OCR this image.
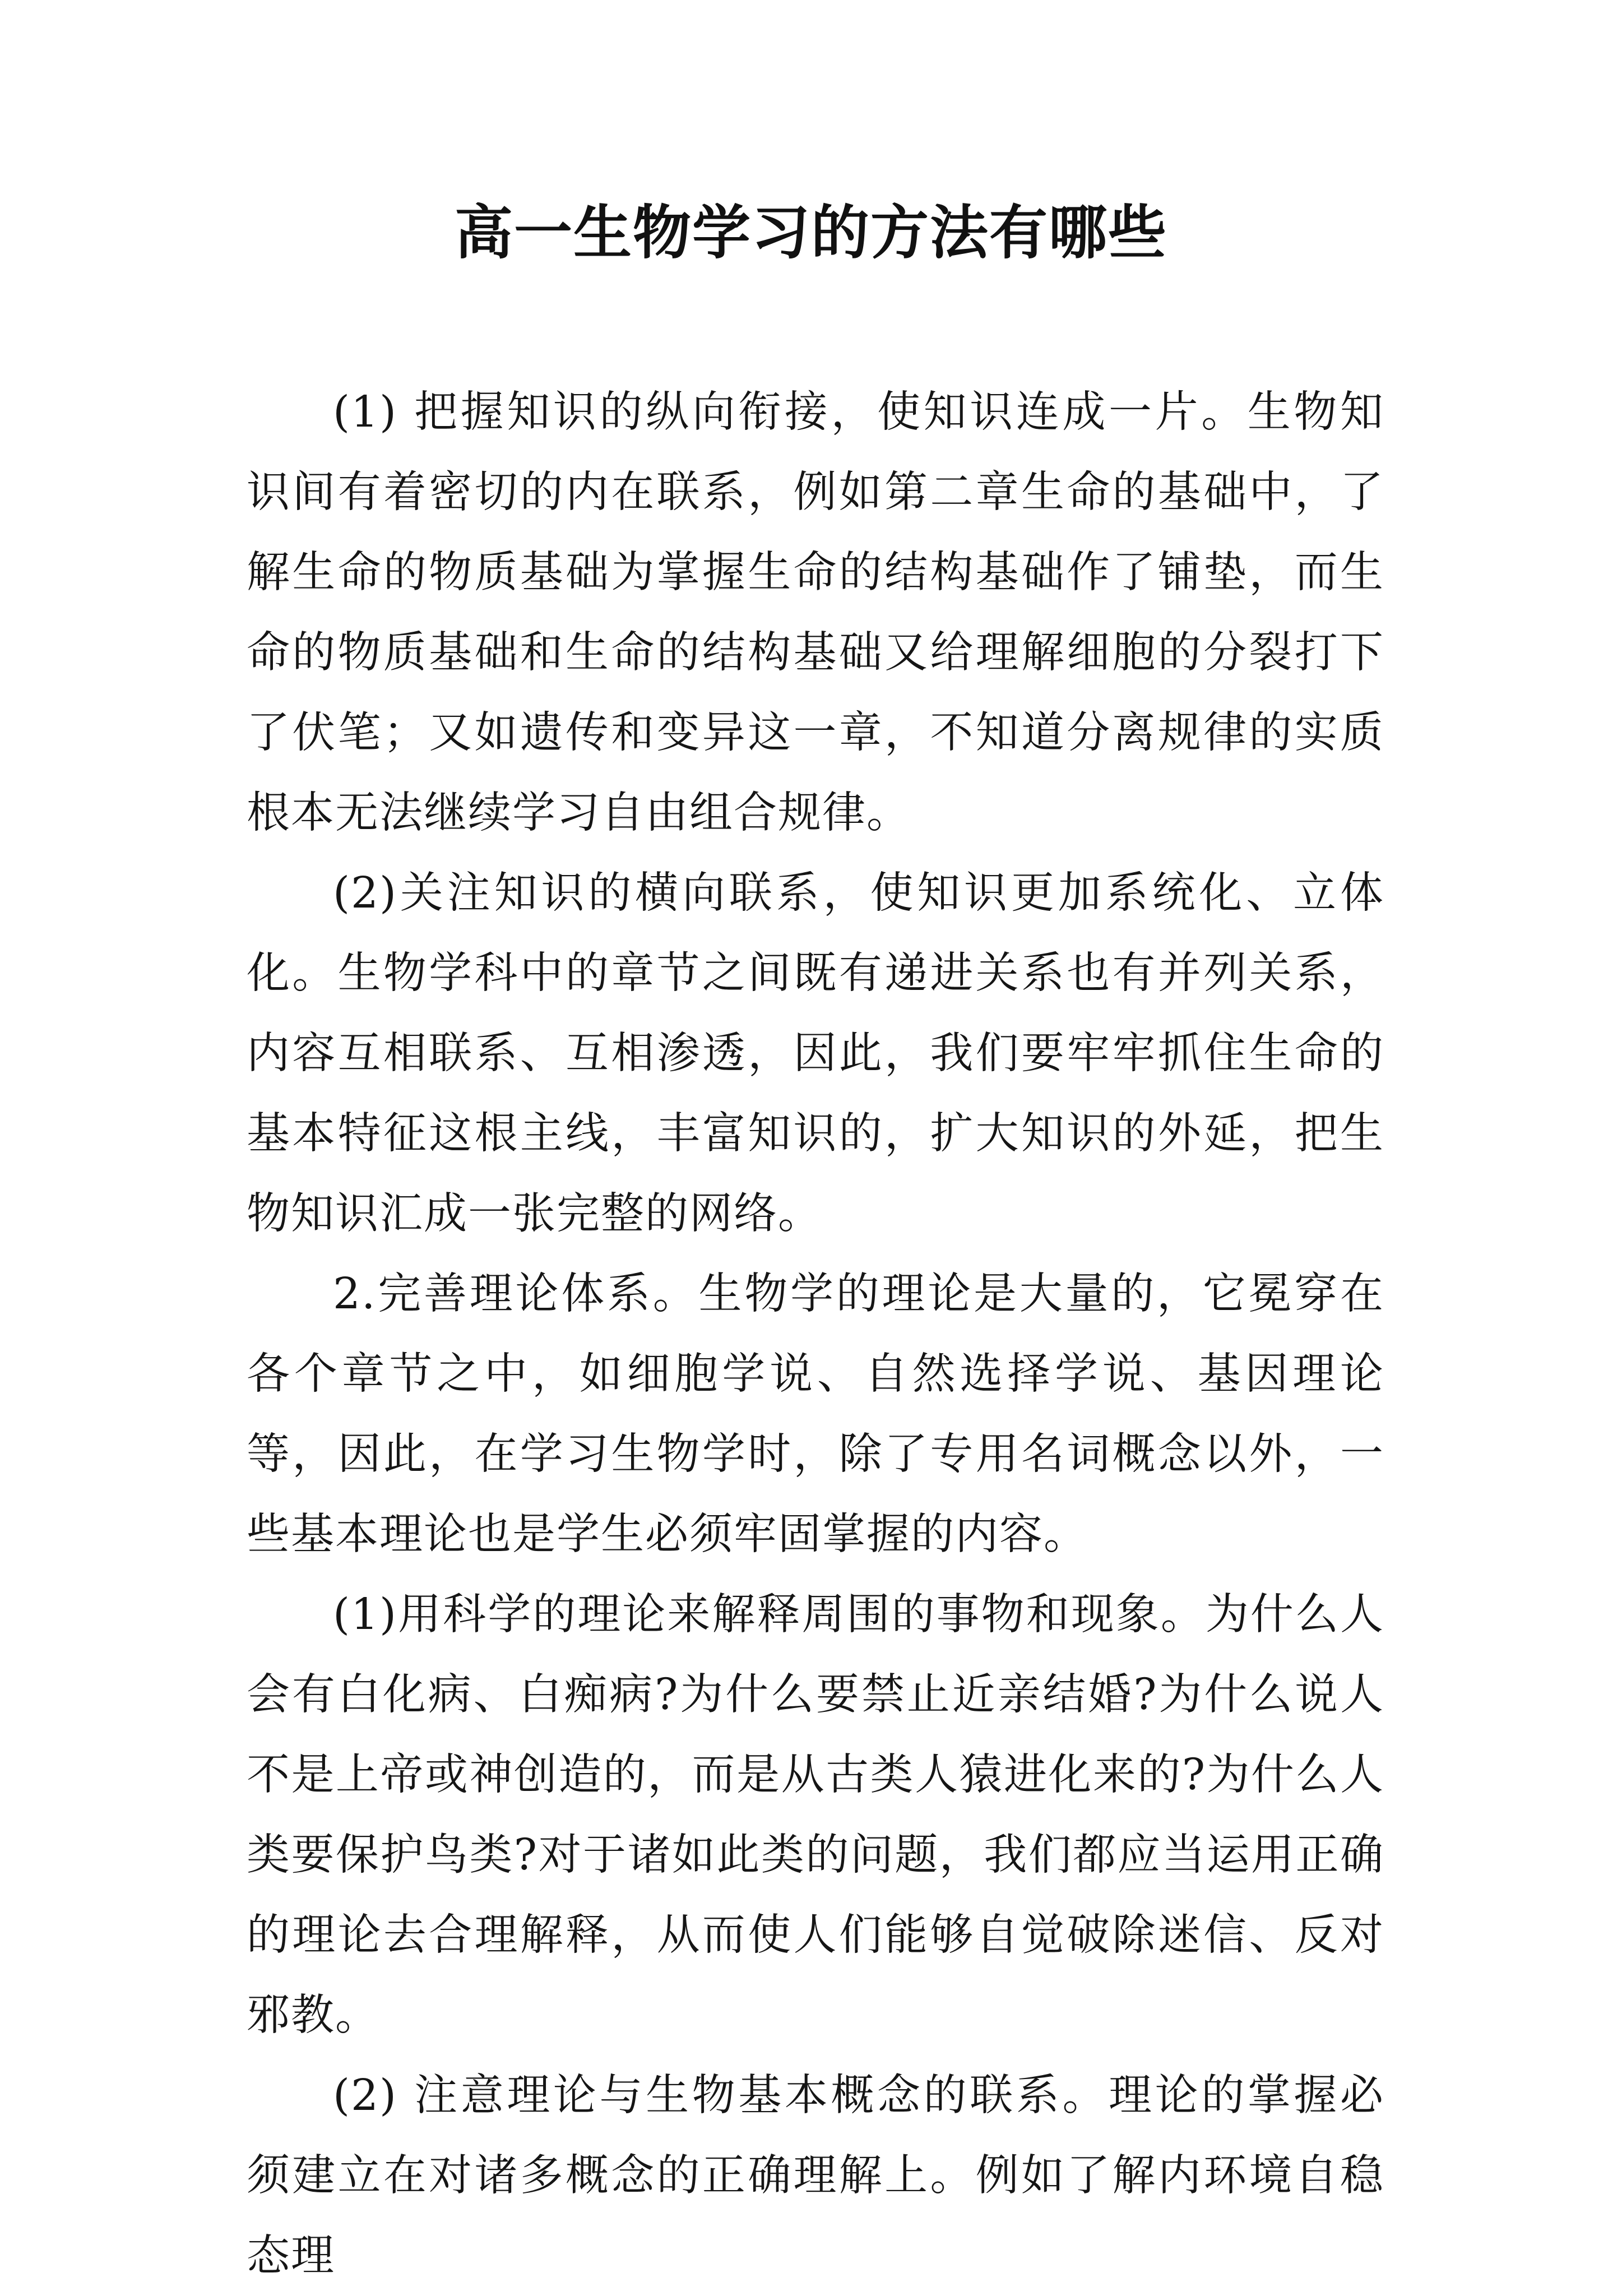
高一生物学习的方法有哪些

(1) 把握知识的纵向衔接，使知识连成一片。生物知识间有着密切的内在联系，例如第二章生命的基础中，了解生命的物质基础为掌握生命的结构基础作了铺垫，而生命的物质基础和生命的结构基础又给理解细胞的分裂打下了伏笔；又如遗传和变异这一章，不知道分离规律的实质根本无法继续学习自由组合规律。

(2)关注知识的横向联系，使知识更加系统化、立体化。生物学科中的章节之间既有递进关系也有并列关系，内容互相联系、互相渗透，因此，我们要牢牢抓住生命的基本特征这根主线，丰富知识的，扩大知识的外延，把生物知识汇成一张完整的网络。

2.完善理论体系。生物学的理论是大量的，它冕穿在各个章节之中，如细胞学说、自然选择学说、基因理论等，因此，在学习生物学时，除了专用名词概念以外，一些基本理论也是学生必须牢固掌握的内容。

(1)用科学的理论来解释周围的事物和现象。为什么人会有白化病、白痴病?为什么要禁止近亲结婚?为什么说人不是上帝或神创造的，而是从古类人猿进化来的?为什么人类要保护鸟类?对于诸如此类的问题，我们都应当运用正确的理论去合理解释，从而使人们能够自觉破除迷信、反对邪教。

(2) 注意理论与生物基本概念的联系。理论的掌握必须建立在对诸多概念的正确理解上。例如了解内环境自稳态理
